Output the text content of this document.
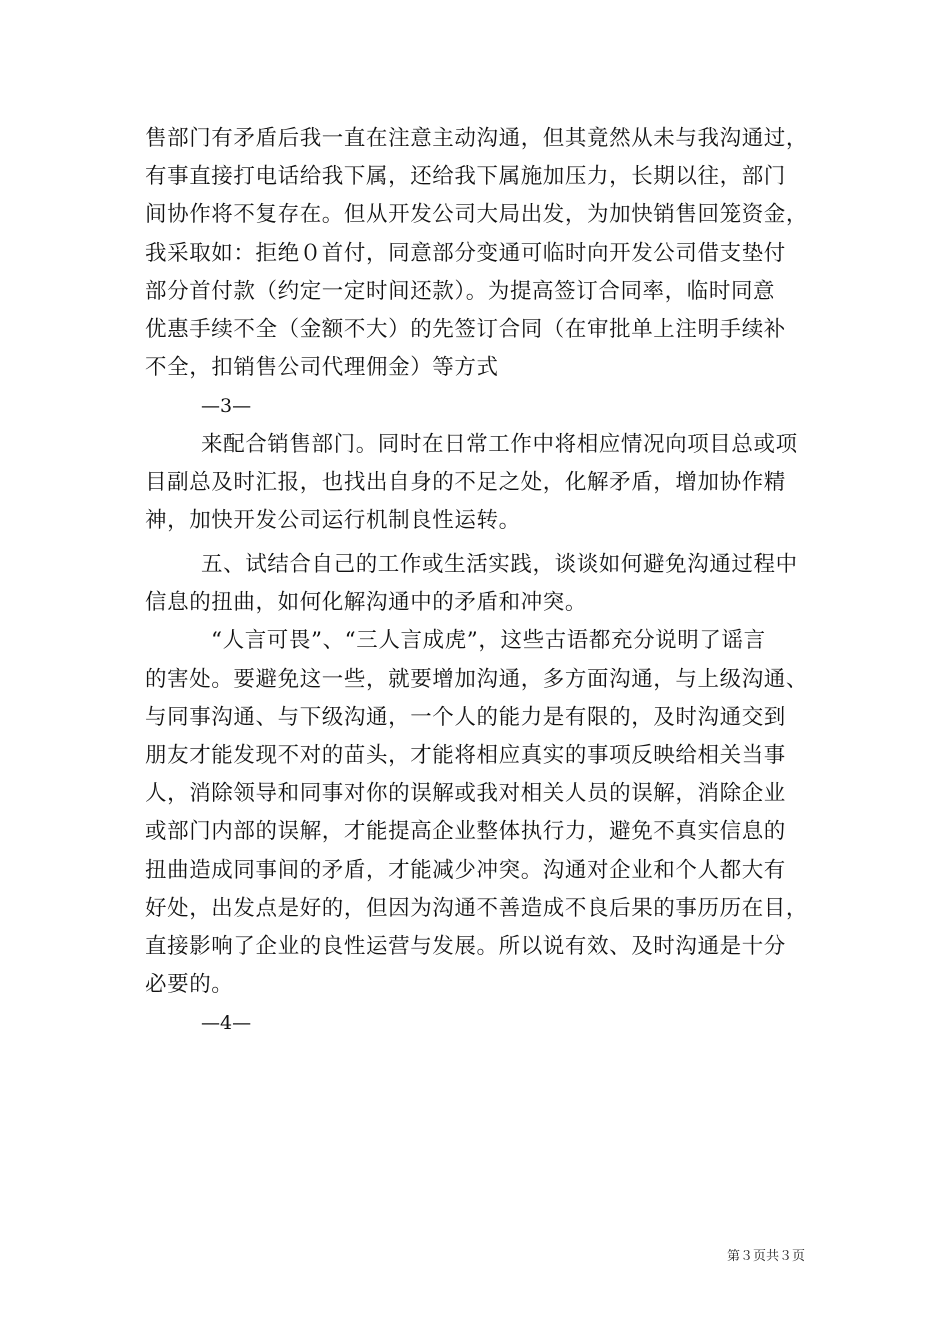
售部门有矛盾后我一直在注意主动沟通，但其竟然从未与我沟通过，
有事直接打电话给我下属，还给我下属施加压力，长期以往，部门
间协作将不复存在。但从开发公司大局出发，为加快销售回笼资金，
我采取如：拒绝０首付，同意部分变通可临时向开发公司借支垫付
部分首付款（约定一定时间还款）。为提高签订合同率，临时同意
优惠手续不全（金额不大）的先签订合同（在审批单上注明手续补
不全，扣销售公司代理佣金）等方式
—3—
来配合销售部门。同时在日常工作中将相应情况向项目总或项
目副总及时汇报，也找出自身的不足之处，化解矛盾，增加协作精
神，加快开发公司运行机制良性运转。
五、试结合自己的工作或生活实践，谈谈如何避免沟通过程中
信息的扭曲，如何化解沟通中的矛盾和冲突。
“人言可畏”、“三人言成虎”，这些古语都充分说明了谣言
的害处。要避免这一些，就要增加沟通，多方面沟通，与上级沟通、
与同事沟通、与下级沟通，一个人的能力是有限的，及时沟通交到
朋友才能发现不对的苗头，才能将相应真实的事项反映给相关当事
人，消除领导和同事对你的误解或我对相关人员的误解，消除企业
或部门内部的误解，才能提高企业整体执行力，避免不真实信息的
扭曲造成同事间的矛盾，才能减少冲突。沟通对企业和个人都大有
好处，出发点是好的，但因为沟通不善造成不良后果的事历历在目，
直接影响了企业的良性运营与发展。所以说有效、及时沟通是十分
必要的。
—4—
第３页共３页
